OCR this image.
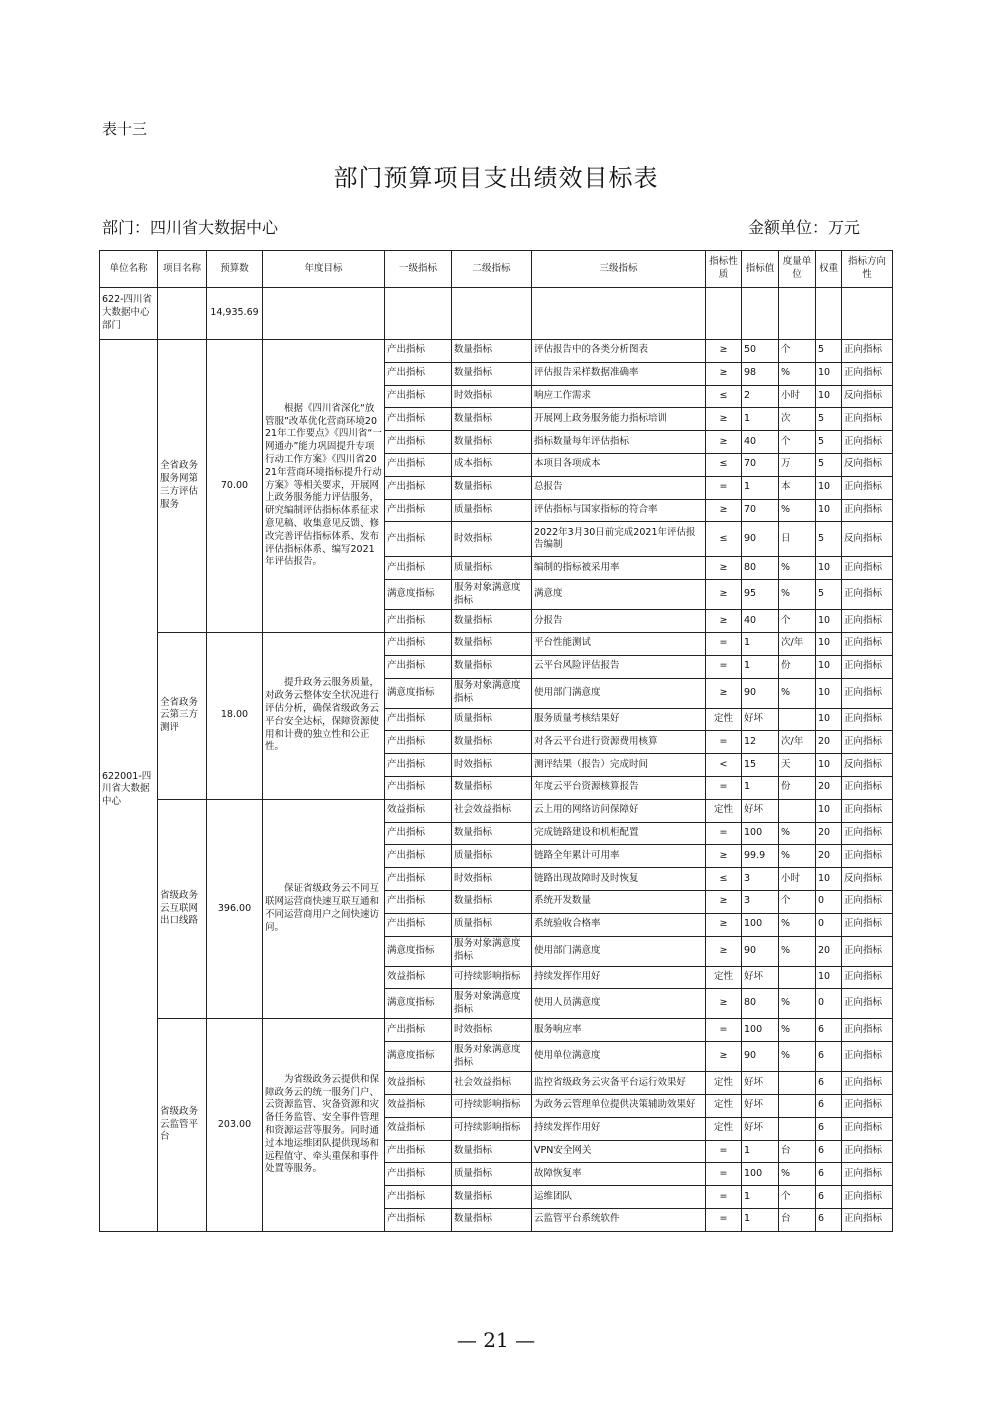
表十三
部门预算项目支出绩效目标表
部门：四川省大数据中心	金额单位：万元
单位名称	项目名称	预算数	年度目标	一级指标	二级指标	三级指标	指标性质	指标值	度量单位	权重	指标方向性
622-四川省大数据中心部门		14,935.69									
622001-四川省大数据中心	全省政务服务网第三方评估服务	70.00	根据《四川省深化“放管服”改革优化营商环境2021年工作要点》《四川省“一网通办”能力巩固提升专项行动工作方案》《四川省2021年营商环境指标提升行动方案》等相关要求，开展网上政务服务能力评估服务，研究编制评估指标体系征求意见稿、收集意见反馈、修改完善评估指标体系、发布评估指标体系、编写2021年评估报告。	产出指标	数量指标	评估报告中的各类分析图表	≥	50	个	5	正向指标
				产出指标	数量指标	评估报告采样数据准确率	≥	98	%	10	正向指标
				产出指标	时效指标	响应工作需求	≤	2	小时	10	反向指标
				产出指标	数量指标	开展网上政务服务能力指标培训	≥	1	次	5	正向指标
				产出指标	数量指标	指标数量每年评估指标	≥	40	个	5	正向指标
				产出指标	成本指标	本项目各项成本	≤	70	万	5	反向指标
				产出指标	数量指标	总报告	=	1	本	10	正向指标
				产出指标	质量指标	评估指标与国家指标的符合率	≥	70	%	10	正向指标
				产出指标	时效指标	2022年3月30日前完成2021年评估报告编制	≤	90	日	5	反向指标
				产出指标	质量指标	编制的指标被采用率	≥	80	%	10	正向指标
				满意度指标	服务对象满意度指标	满意度	≥	95	%	5	正向指标
				产出指标	数量指标	分报告	≥	40	个	10	正向指标
	全省政务云第三方测评	18.00	提升政务云服务质量，对政务云整体安全状况进行评估分析，确保省级政务云平台安全达标，保障资源使用和计费的独立性和公正性。	产出指标	数量指标	平台性能测试	=	1	次/年	10	正向指标
				产出指标	数量指标	云平台风险评估报告	=	1	份	10	正向指标
				满意度指标	服务对象满意度指标	使用部门满意度	≥	90	%	10	正向指标
				产出指标	质量指标	服务质量考核结果好	定性	好坏		10	正向指标
				产出指标	数量指标	对各云平台进行资源费用核算	=	12	次/年	20	正向指标
				产出指标	时效指标	测评结果（报告）完成时间	<	15	天	10	反向指标
				产出指标	数量指标	年度云平台资源核算报告	=	1	份	20	正向指标
	省级政务云互联网出口线路	396.00	保证省级政务云不同互联网运营商快速互联互通和不同运营商用户之间快速访问。	效益指标	社会效益指标	云上用的网络访问保障好	定性	好坏		10	正向指标
				产出指标	数量指标	完成链路建设和机柜配置	=	100	%	20	正向指标
				产出指标	质量指标	链路全年累计可用率	≥	99.9	%	20	正向指标
				产出指标	时效指标	链路出现故障时及时恢复	≤	3	小时	10	反向指标
				产出指标	数量指标	系统开发数量	≥	3	个	0	正向指标
				产出指标	质量指标	系统验收合格率	≥	100	%	0	正向指标
				满意度指标	服务对象满意度指标	使用部门满意度	≥	90	%	20	正向指标
				效益指标	可持续影响指标	持续发挥作用好	定性	好坏		10	正向指标
				满意度指标	服务对象满意度指标	使用人员满意度	≥	80	%	0	正向指标
	省级政务云监管平台	203.00	为省级政务云提供和保障政务云的统一服务门户、云资源监管、灾备资源和灾备任务监管、安全事件管理和资源运营等服务。同时通过本地运维团队提供现场和远程值守、牵头重保和事件处置等服务。	产出指标	时效指标	服务响应率	=	100	%	6	正向指标
				满意度指标	服务对象满意度指标	使用单位满意度	≥	90	%	6	正向指标
				效益指标	社会效益指标	监控省级政务云灾备平台运行效果好	定性	好坏		6	正向指标
				效益指标	可持续影响指标	为政务云管理单位提供决策辅助效果好	定性	好坏		6	正向指标
				效益指标	可持续影响指标	持续发挥作用好	定性	好坏		6	正向指标
				产出指标	数量指标	VPN安全网关	=	1	台	6	正向指标
				产出指标	质量指标	故障恢复率	=	100	%	6	正向指标
				产出指标	数量指标	运维团队	=	1	个	6	正向指标
				产出指标	数量指标	云监管平台系统软件	=	1	台	6	正向指标
— 21 —
